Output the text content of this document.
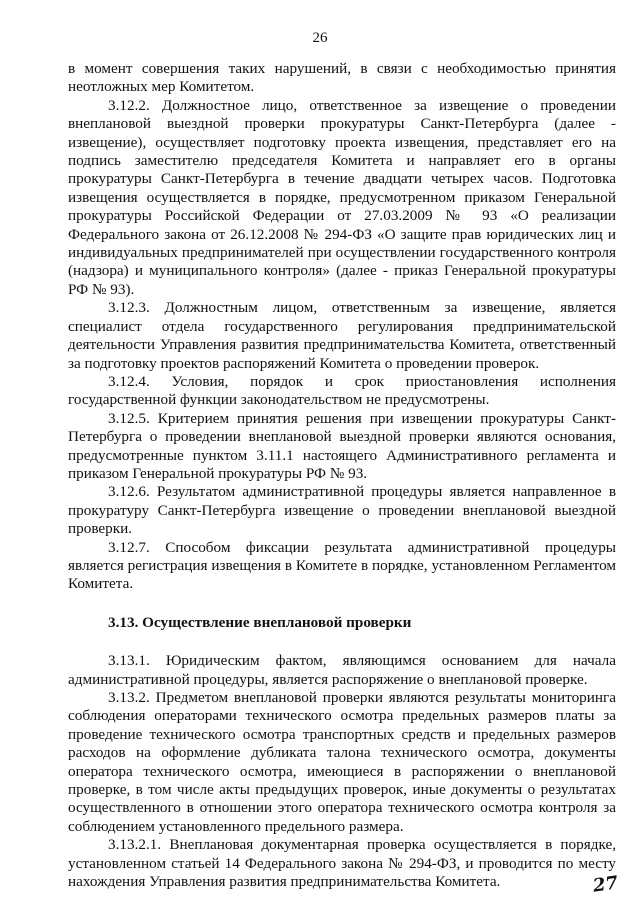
26

в момент совершения таких нарушений, в связи с необходимостью принятия неотложных мер Комитетом.

3.12.2. Должностное лицо, ответственное за извещение о проведении внеплановой выездной проверки прокуратуры Санкт-Петербурга (далее - извещение), осуществляет подготовку проекта извещения, представляет его на подпись заместителю председателя Комитета и направляет его в органы прокуратуры Санкт-Петербурга в течение двадцати четырех часов. Подготовка извещения осуществляется в порядке, предусмотренном приказом Генеральной прокуратуры Российской Федерации от 27.03.2009 № 93 «О реализации Федерального закона от 26.12.2008 № 294-ФЗ «О защите прав юридических лиц и индивидуальных предпринимателей при осуществлении государственного контроля (надзора) и муниципального контроля» (далее - приказ Генеральной прокуратуры РФ № 93).

3.12.3. Должностным лицом, ответственным за извещение, является специалист отдела государственного регулирования предпринимательской деятельности Управления развития предпринимательства Комитета, ответственный за подготовку проектов распоряжений Комитета о проведении проверок.

3.12.4. Условия, порядок и срок приостановления исполнения государственной функции законодательством не предусмотрены.

3.12.5. Критерием принятия решения при извещении прокуратуры Санкт-Петербурга о проведении внеплановой выездной проверки являются основания, предусмотренные пунктом 3.11.1 настоящего Административного регламента и приказом Генеральной прокуратуры РФ № 93.

3.12.6. Результатом административной процедуры является направленное в прокуратуру Санкт-Петербурга извещение о проведении внеплановой выездной проверки.

3.12.7. Способом фиксации результата административной процедуры является регистрация извещения в Комитете в порядке, установленном Регламентом Комитета.

3.13. Осуществление внеплановой проверки

3.13.1. Юридическим фактом, являющимся основанием для начала административной процедуры, является распоряжение о внеплановой проверке.

3.13.2. Предметом внеплановой проверки являются результаты мониторинга соблюдения операторами технического осмотра предельных размеров платы за проведение технического осмотра транспортных средств и предельных размеров расходов на оформление дубликата талона технического осмотра, документы оператора технического осмотра, имеющиеся в распоряжении о внеплановой проверке, в том числе акты предыдущих проверок, иные документы о результатах осуществленного в отношении этого оператора технического осмотра контроля за соблюдением установленного предельного размера.

3.13.2.1. Внеплановая документарная проверка осуществляется в порядке, установленном статьей 14 Федерального закона № 294-ФЗ, и проводится по месту нахождения Управления развития предпринимательства Комитета.	27
